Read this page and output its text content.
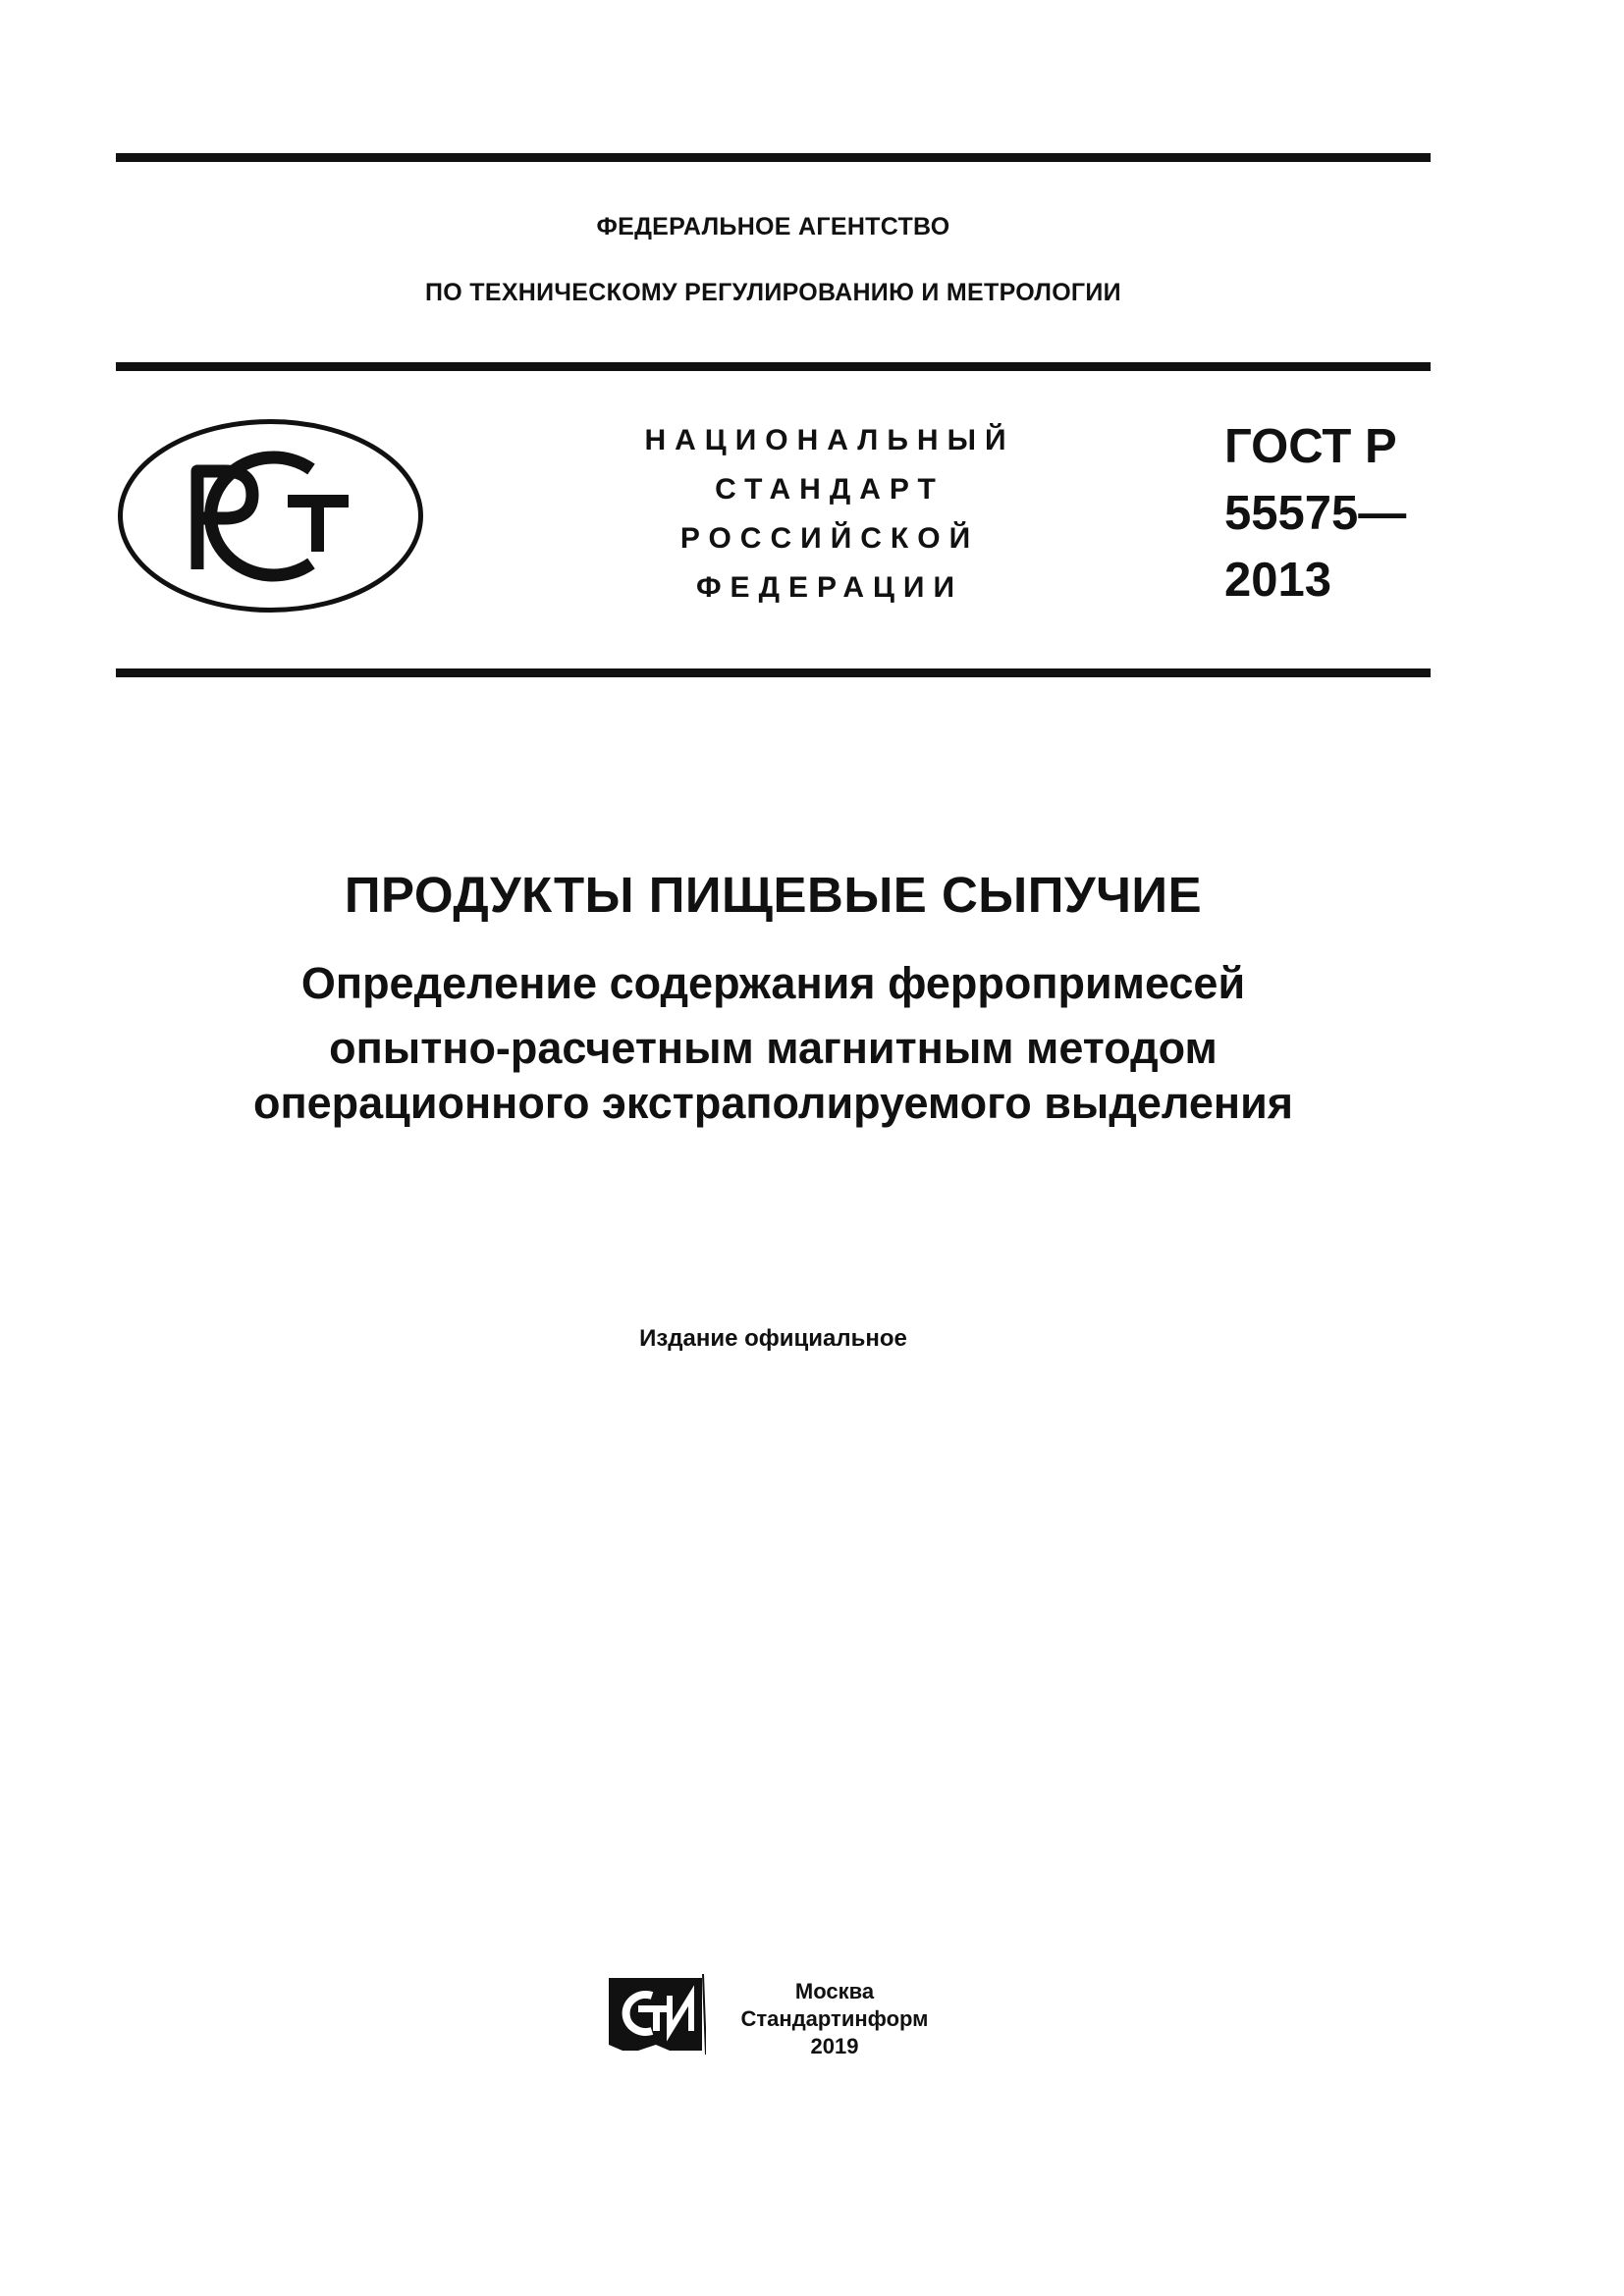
ФЕДЕРАЛЬНОЕ АГЕНТСТВО
ПО ТЕХНИЧЕСКОМУ РЕГУЛИРОВАНИЮ И МЕТРОЛОГИИ
НАЦИОНАЛЬНЫЙ
СТАНДАРТ
РОССИЙСКОЙ
ФЕДЕРАЦИИ
ГОСТ Р
55575—
2013
ПРОДУКТЫ ПИЩЕВЫЕ СЫПУЧИЕ
Определение содержания ферропримесей
опытно-расчетным магнитным методом
операционного экстраполируемого выделения
Издание официальное
Москва
Стандартинформ
2019
